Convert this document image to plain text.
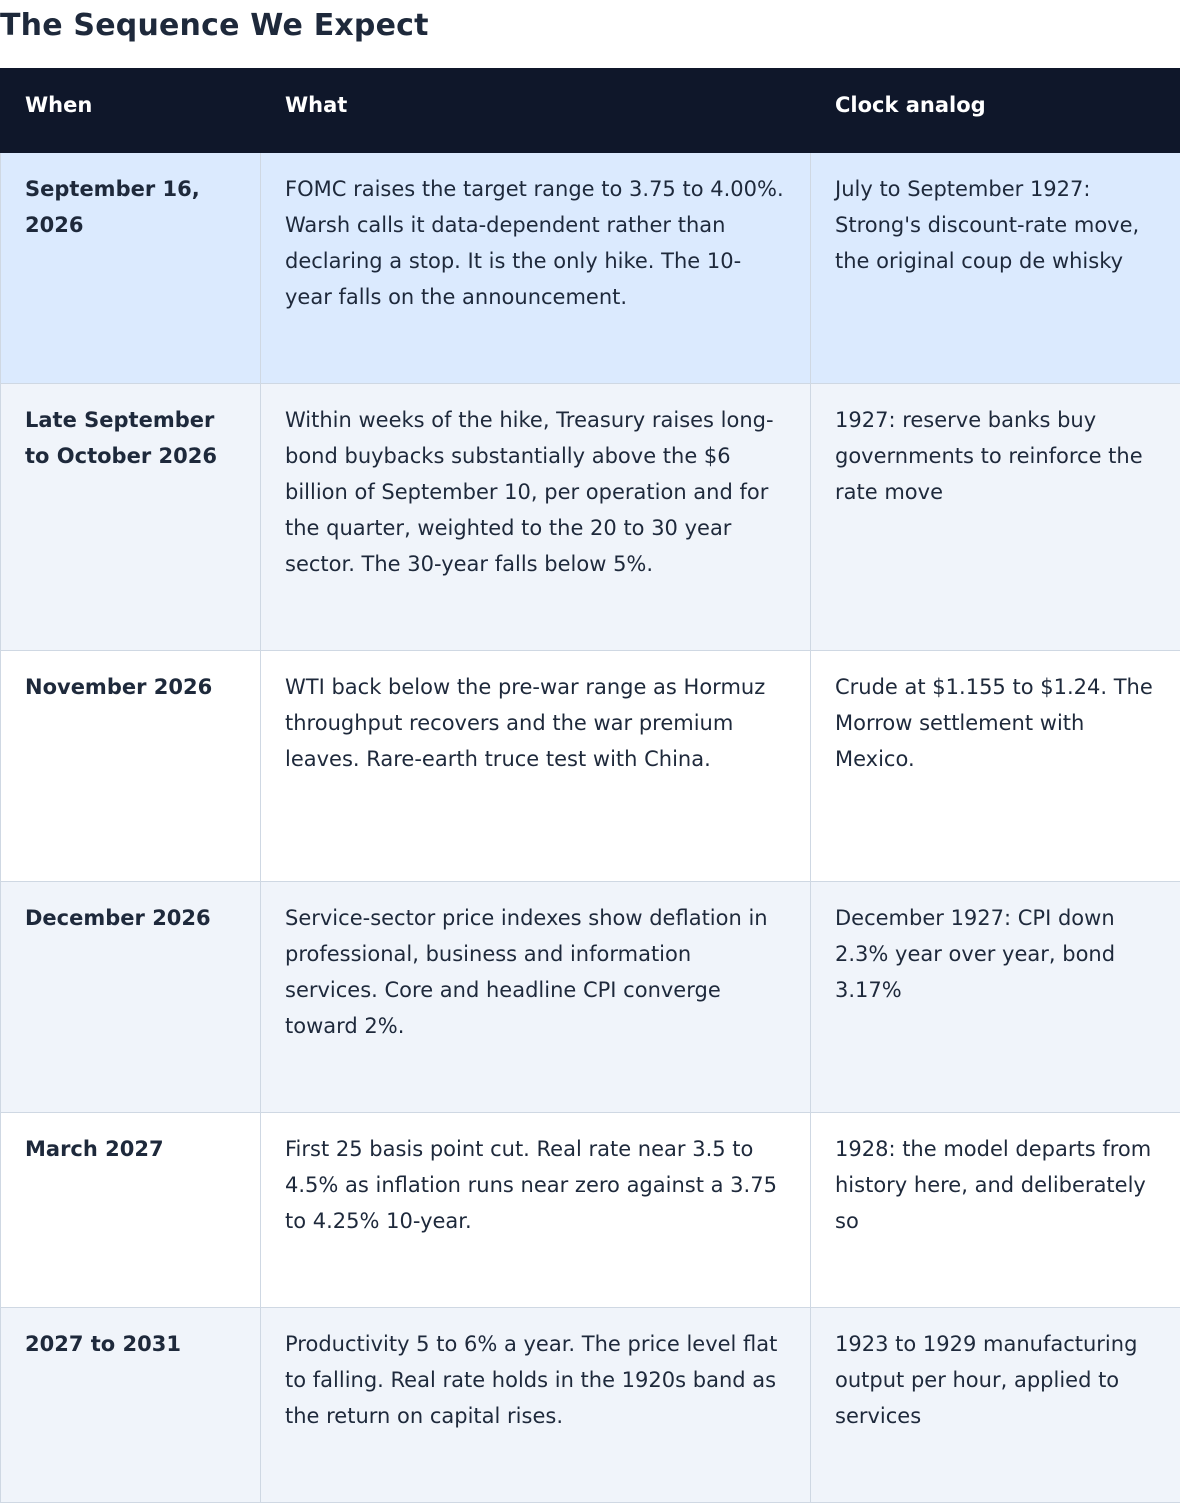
The Sequence We Expect
When	What	Clock analog
September 16, 2026	FOMC raises the target range to 3.75 to 4.00%. Warsh calls it data-dependent rather than declaring a stop. It is the only hike. The 10-year falls on the announcement.	July to September 1927: Strong's discount-rate move, the original coup de whisky
Late September to October 2026	Within weeks of the hike, Treasury raises long-bond buybacks substantially above the $6 billion of September 10, per operation and for the quarter, weighted to the 20 to 30 year sector. The 30-year falls below 5%.	1927: reserve banks buy governments to reinforce the rate move
November 2026	WTI back below the pre-war range as Hormuz throughput recovers and the war premium leaves. Rare-earth truce test with China.	Crude at $1.155 to $1.24. The Morrow settlement with Mexico.
December 2026	Service-sector price indexes show deflation in professional, business and information services. Core and headline CPI converge toward 2%.	December 1927: CPI down 2.3% year over year, bond 3.17%
March 2027	First 25 basis point cut. Real rate near 3.5 to 4.5% as inflation runs near zero against a 3.75 to 4.25% 10-year.	1928: the model departs from history here, and deliberately so
2027 to 2031	Productivity 5 to 6% a year. The price level flat to falling. Real rate holds in the 1920s band as the return on capital rises.	1923 to 1929 manufacturing output per hour, applied to services
